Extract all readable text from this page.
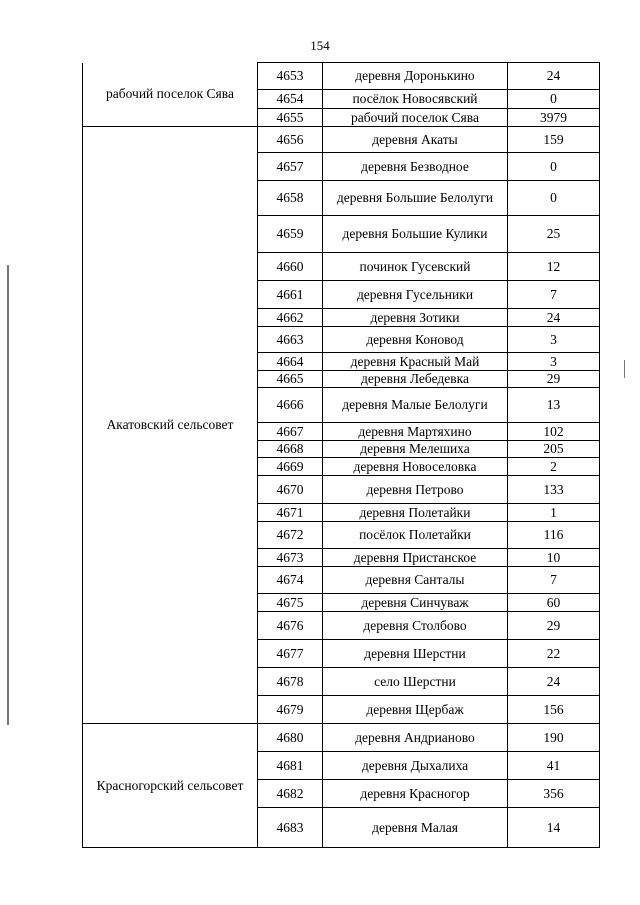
154
рабочий поселок Сява	4653	деревня Доронькино	24
	4654	посёлок Новосявский	0
	4655	рабочий поселок Сява	3979
Акатовский сельсовет	4656	деревня Акаты	159
	4657	деревня Безводное	0
	4658	деревня Большие Белолуги	0
	4659	деревня Большие Кулики	25
	4660	починок Гусевский	12
	4661	деревня Гусельники	7
	4662	деревня Зотики	24
	4663	деревня Коновод	3
	4664	деревня Красный Май	3
	4665	деревня Лебедевка	29
	4666	деревня Малые Белолуги	13
	4667	деревня Мартяхино	102
	4668	деревня Мелешиха	205
	4669	деревня Новоселовка	2
	4670	деревня Петрово	133
	4671	деревня Полетайки	1
	4672	посёлок Полетайки	116
	4673	деревня Пристанское	10
	4674	деревня Санталы	7
	4675	деревня Синчуваж	60
	4676	деревня Столбово	29
	4677	деревня Шерстни	22
	4678	село Шерстни	24
	4679	деревня Щербаж	156
Красногорский сельсовет	4680	деревня Андрианово	190
	4681	деревня Дыхалиха	41
	4682	деревня Красногор	356
	4683	деревня Малая	14
